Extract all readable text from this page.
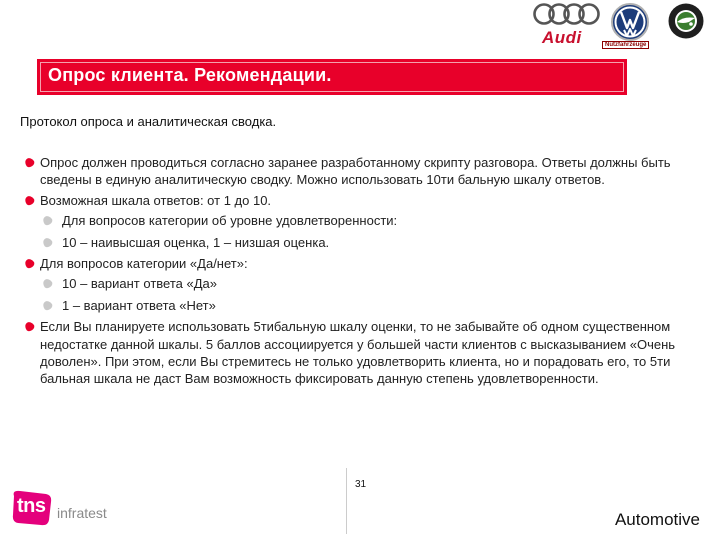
Audi	Nutzfahrzeuge
Опрос клиента. Рекомендации.
Протокол опроса и аналитическая сводка.
Опрос должен проводиться согласно заранее разработанному скрипту разговора. Ответы должны быть сведены в единую аналитическую сводку. Можно использовать 10ти бальную шкалу ответов.
Возможная шкала ответов: от 1 до 10.
Для вопросов категории об уровне удовлетворенности:
10 – наивысшая оценка, 1 – низшая оценка.
Для вопросов категории «Да/нет»:
10 – вариант ответа «Да»
1 – вариант ответа «Нет»
Если Вы планируете использовать 5тибальную шкалу оценки, то не забывайте об одном существенном недостатке данной шкалы. 5 баллов ассоциируется у большей части клиентов с высказыванием «Очень доволен». При этом, если Вы стремитесь не только удовлетворить клиента, но и порадовать его, то 5ти бальная шкала не даст Вам возможность фиксировать данную степень удовлетворенности.
tns infratest
31
Automotive
